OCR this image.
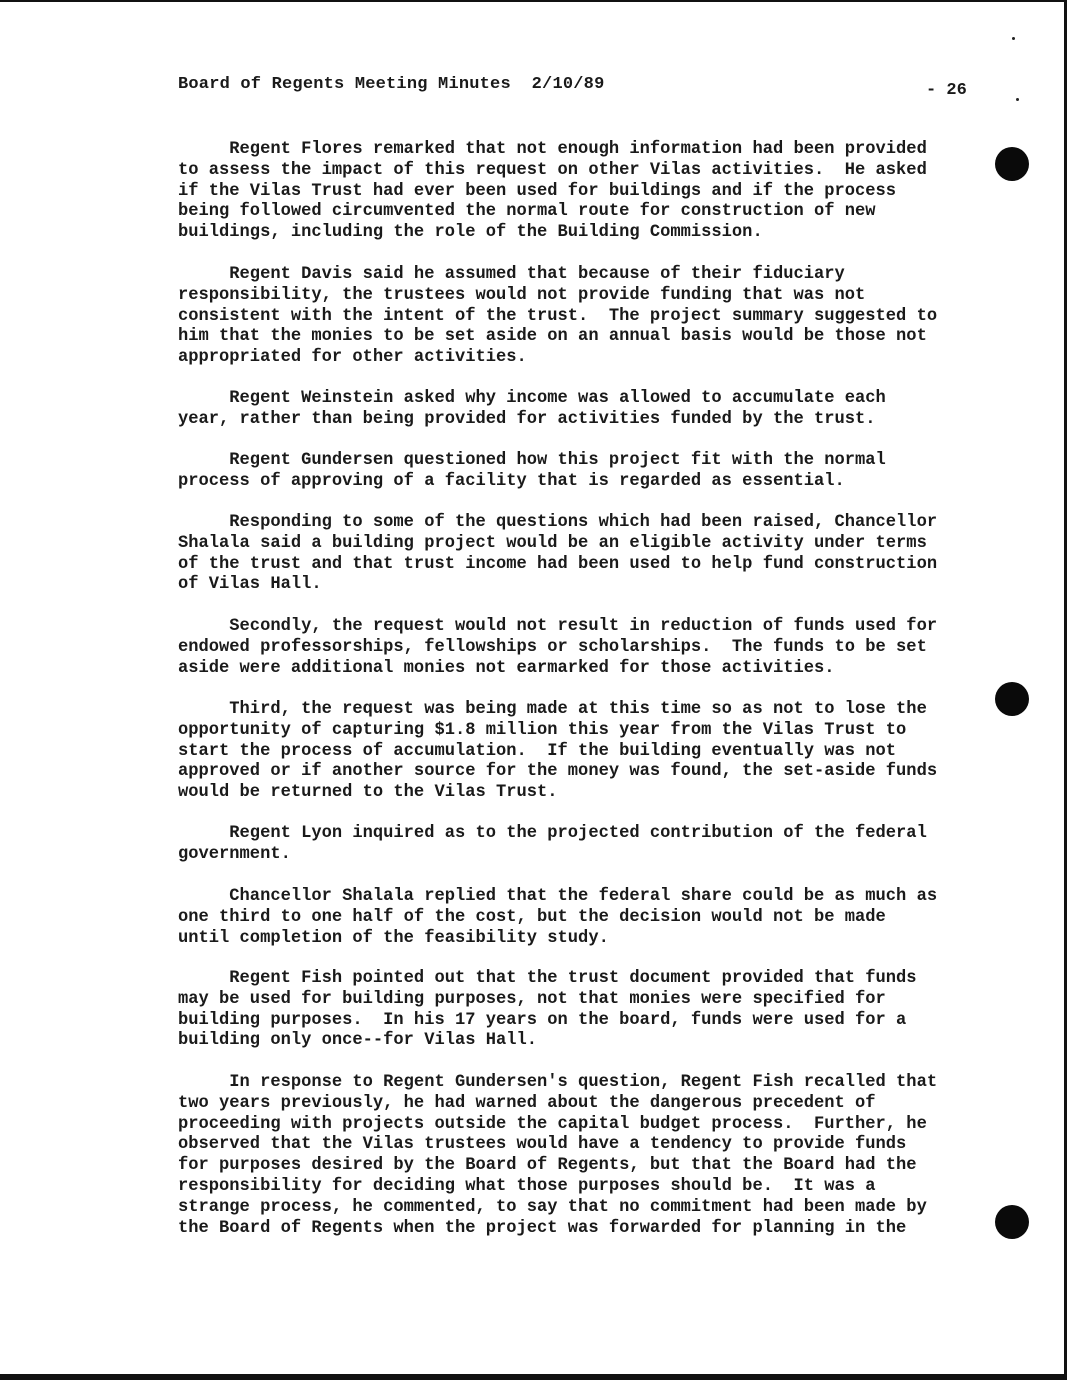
Board of Regents Meeting Minutes  2/10/89	- 26
Regent Flores remarked that not enough information had been provided
to assess the impact of this request on other Vilas activities.  He asked
if the Vilas Trust had ever been used for buildings and if the process
being followed circumvented the normal route for construction of new
buildings, including the role of the Building Commission.
Regent Davis said he assumed that because of their fiduciary
responsibility, the trustees would not provide funding that was not
consistent with the intent of the trust.  The project summary suggested to
him that the monies to be set aside on an annual basis would be those not
appropriated for other activities.
Regent Weinstein asked why income was allowed to accumulate each
year, rather than being provided for activities funded by the trust.
Regent Gundersen questioned how this project fit with the normal
process of approving of a facility that is regarded as essential.
Responding to some of the questions which had been raised, Chancellor
Shalala said a building project would be an eligible activity under terms
of the trust and that trust income had been used to help fund construction
of Vilas Hall.
Secondly, the request would not result in reduction of funds used for
endowed professorships, fellowships or scholarships.  The funds to be set
aside were additional monies not earmarked for those activities.
Third, the request was being made at this time so as not to lose the
opportunity of capturing $1.8 million this year from the Vilas Trust to
start the process of accumulation.  If the building eventually was not
approved or if another source for the money was found, the set-aside funds
would be returned to the Vilas Trust.
Regent Lyon inquired as to the projected contribution of the federal
government.
Chancellor Shalala replied that the federal share could be as much as
one third to one half of the cost, but the decision would not be made
until completion of the feasibility study.
Regent Fish pointed out that the trust document provided that funds
may be used for building purposes, not that monies were specified for
building purposes.  In his 17 years on the board, funds were used for a
building only once--for Vilas Hall.
In response to Regent Gundersen's question, Regent Fish recalled that
two years previously, he had warned about the dangerous precedent of
proceeding with projects outside the capital budget process.  Further, he
observed that the Vilas trustees would have a tendency to provide funds
for purposes desired by the Board of Regents, but that the Board had the
responsibility for deciding what those purposes should be.  It was a
strange process, he commented, to say that no commitment had been made by
the Board of Regents when the project was forwarded for planning in the
